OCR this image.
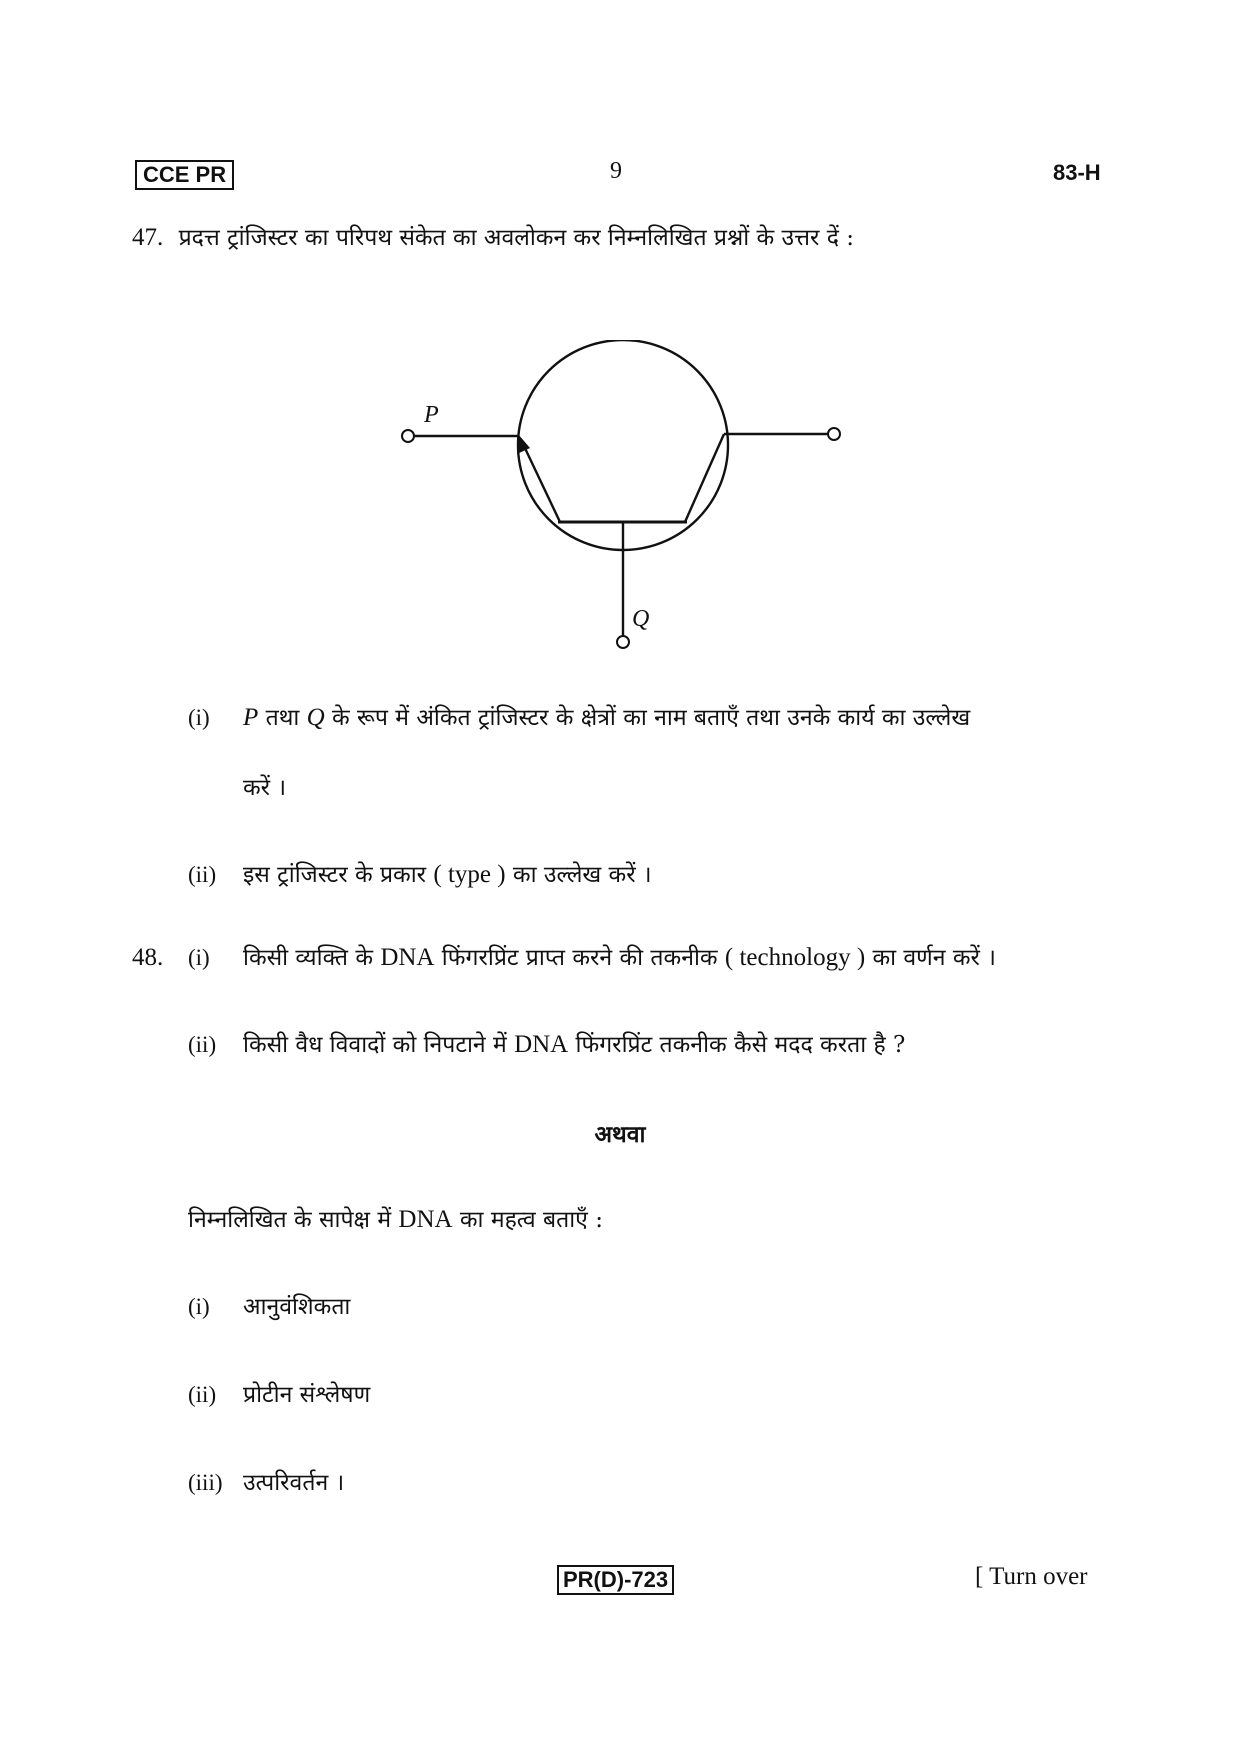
CCE PR	9	83-H
47. प्रदत्त ट्रांजिस्टर का परिपथ संकेत का अवलोकन कर निम्नलिखित प्रश्नों के उत्तर दें :
P
Q
(i) P तथा Q के रूप में अंकित ट्रांजिस्टर के क्षेत्रों का नाम बताएँ तथा उनके कार्य का उल्लेख
करें ।
(ii) इस ट्रांजिस्टर के प्रकार ( type ) का उल्लेख करें ।
48. (i) किसी व्यक्ति के DNA फिंगरप्रिंट प्राप्त करने की तकनीक ( technology ) का वर्णन करें ।
(ii) किसी वैध विवादों को निपटाने में DNA फिंगरप्रिंट तकनीक कैसे मदद करता है ?
अथवा
निम्नलिखित के सापेक्ष में DNA का महत्व बताएँ :
(i) आनुवंशिकता
(ii) प्रोटीन संश्लेषण
(iii) उत्परिवर्तन ।
PR(D)-723	[ Turn over
